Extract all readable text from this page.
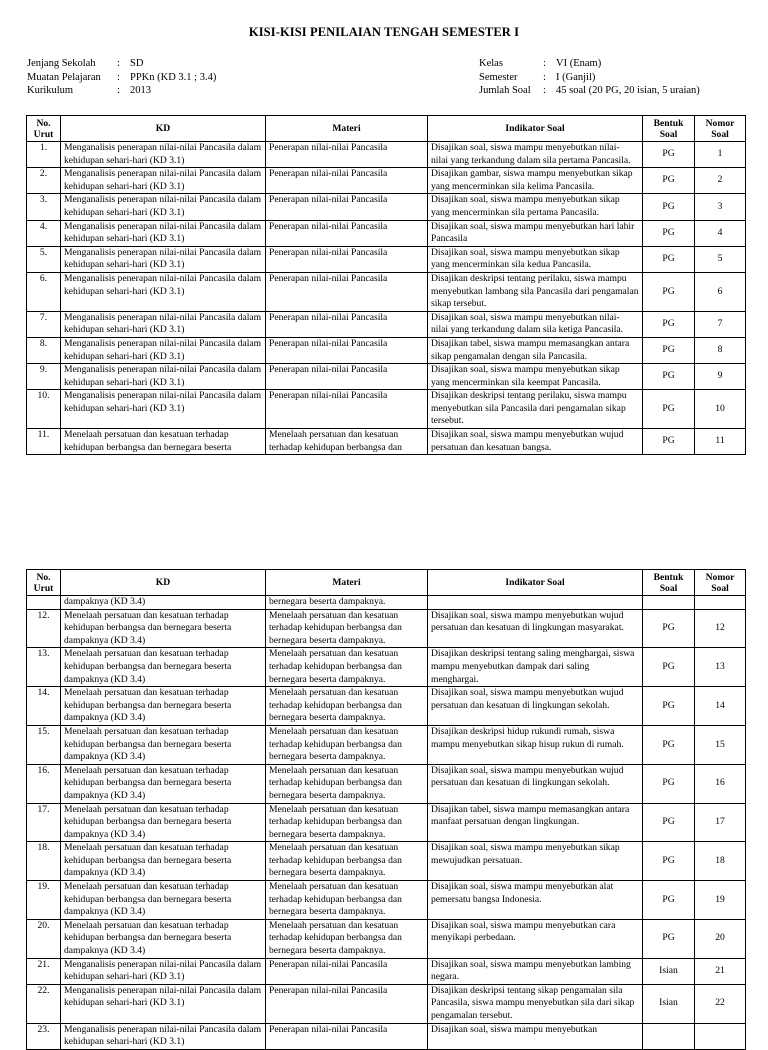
KISI-KISI PENILAIAN TENGAH SEMESTER I
Jenjang Sekolah	: SD
Muatan Pelajaran	: PPKn (KD 3.1 ; 3.4)
Kurikulum	: 2013
Kelas	: VI (Enam)
Semester	: I (Ganjil)
Jumlah Soal	: 45 soal (20 PG, 20 isian, 5 uraian)
No. Urut	KD	Materi	Indikator Soal	Bentuk Soal	Nomor Soal
1.	Menganalisis penerapan nilai-nilai Pancasila dalam kehidupan sehari-hari (KD 3.1)	Penerapan nilai-nilai Pancasila	Disajikan soal, siswa mampu menyebutkan nilai- nilai yang terkandung dalam sila pertama Pancasila.	PG	1
2.	Menganalisis penerapan nilai-nilai Pancasila dalam kehidupan sehari-hari (KD 3.1)	Penerapan nilai-nilai Pancasila	Disajikan gambar, siswa mampu menyebutkan sikap yang mencerminkan sila kelima Pancasila.	PG	2
3.	Menganalisis penerapan nilai-nilai Pancasila dalam kehidupan sehari-hari (KD 3.1)	Penerapan nilai-nilai Pancasila	Disajikan soal, siswa mampu menyebutkan sikap yang mencerminkan sila pertama Pancasila.	PG	3
4.	Menganalisis penerapan nilai-nilai Pancasila dalam kehidupan sehari-hari (KD 3.1)	Penerapan nilai-nilai Pancasila	Disajikan soal, siswa mampu menyebutkan hari lahir Pancasila	PG	4
5.	Menganalisis penerapan nilai-nilai Pancasila dalam kehidupan sehari-hari (KD 3.1)	Penerapan nilai-nilai Pancasila	Disajikan soal, siswa mampu menyebutkan sikap yang mencerminkan sila kedua Pancasila.	PG	5
6.	Menganalisis penerapan nilai-nilai Pancasila dalam kehidupan sehari-hari (KD 3.1)	Penerapan nilai-nilai Pancasila	Disajikan deskripsi tentang perilaku, siswa mampu menyebutkan lambang sila Pancasila dari pengamalan sikap tersebut.	PG	6
7.	Menganalisis penerapan nilai-nilai Pancasila dalam kehidupan sehari-hari (KD 3.1)	Penerapan nilai-nilai Pancasila	Disajikan soal, siswa mampu menyebutkan nilai- nilai yang terkandung dalam sila ketiga Pancasila.	PG	7
8.	Menganalisis penerapan nilai-nilai Pancasila dalam kehidupan sehari-hari (KD 3.1)	Penerapan nilai-nilai Pancasila	Disajikan tabel, siswa mampu memasangkan antara sikap pengamalan dengan sila Pancasila.	PG	8
9.	Menganalisis penerapan nilai-nilai Pancasila dalam kehidupan sehari-hari (KD 3.1)	Penerapan nilai-nilai Pancasila	Disajikan soal, siswa mampu menyebutkan sikap yang mencerminkan sila keempat Pancasila.	PG	9
10.	Menganalisis penerapan nilai-nilai Pancasila dalam kehidupan sehari-hari (KD 3.1)	Penerapan nilai-nilai Pancasila	Disajikan deskripsi tentang perilaku, siswa mampu menyebutkan sila Pancasila dari pengamalan sikap tersebut.	PG	10
11.	Menelaah persatuan dan kesatuan terhadap kehidupan berbangsa dan bernegara beserta	Menelaah persatuan dan kesatuan terhadap kehidupan berbangsa dan	Disajikan soal, siswa mampu menyebutkan wujud persatuan dan kesatuan bangsa.	PG	11
No. Urut	KD	Materi	Indikator Soal	Bentuk Soal	Nomor Soal
	dampaknya (KD 3.4)	bernegara beserta dampaknya.			
12.	Menelaah persatuan dan kesatuan terhadap kehidupan berbangsa dan bernegara beserta dampaknya (KD 3.4)	Menelaah persatuan dan kesatuan terhadap kehidupan berbangsa dan bernegara beserta dampaknya.	Disajikan soal, siswa mampu menyebutkan wujud persatuan dan kesatuan di lingkungan masyarakat.	PG	12
13.	Menelaah persatuan dan kesatuan terhadap kehidupan berbangsa dan bernegara beserta dampaknya (KD 3.4)	Menelaah persatuan dan kesatuan terhadap kehidupan berbangsa dan bernegara beserta dampaknya.	Disajikan deskripsi tentang saling menghargai, siswa mampu menyebutkan dampak dari saling menghargai.	PG	13
14.	Menelaah persatuan dan kesatuan terhadap kehidupan berbangsa dan bernegara beserta dampaknya (KD 3.4)	Menelaah persatuan dan kesatuan terhadap kehidupan berbangsa dan bernegara beserta dampaknya.	Disajikan soal, siswa mampu menyebutkan wujud persatuan dan kesatuan di lingkungan sekolah.	PG	14
15.	Menelaah persatuan dan kesatuan terhadap kehidupan berbangsa dan bernegara beserta dampaknya (KD 3.4)	Menelaah persatuan dan kesatuan terhadap kehidupan berbangsa dan bernegara beserta dampaknya.	Disajikan deskripsi hidup rukundi rumah, siswa mampu menyebutkan sikap hisup rukun di rumah.	PG	15
16.	Menelaah persatuan dan kesatuan terhadap kehidupan berbangsa dan bernegara beserta dampaknya (KD 3.4)	Menelaah persatuan dan kesatuan terhadap kehidupan berbangsa dan bernegara beserta dampaknya.	Disajikan soal, siswa mampu menyebutkan wujud persatuan dan kesatuan di lingkungan sekolah.	PG	16
17.	Menelaah persatuan dan kesatuan terhadap kehidupan berbangsa dan bernegara beserta dampaknya (KD 3.4)	Menelaah persatuan dan kesatuan terhadap kehidupan berbangsa dan bernegara beserta dampaknya.	Disajikan tabel, siswa mampu memasangkan antara manfaat persatuan dengan lingkungan.	PG	17
18.	Menelaah persatuan dan kesatuan terhadap kehidupan berbangsa dan bernegara beserta dampaknya (KD 3.4)	Menelaah persatuan dan kesatuan terhadap kehidupan berbangsa dan bernegara beserta dampaknya.	Disajikan soal, siswa mampu menyebutkan sikap mewujudkan persatuan.	PG	18
19.	Menelaah persatuan dan kesatuan terhadap kehidupan berbangsa dan bernegara beserta dampaknya (KD 3.4)	Menelaah persatuan dan kesatuan terhadap kehidupan berbangsa dan bernegara beserta dampaknya.	Disajikan soal, siswa mampu menyebutkan alat pemersatu bangsa Indonesia.	PG	19
20.	Menelaah persatuan dan kesatuan terhadap kehidupan berbangsa dan bernegara beserta dampaknya (KD 3.4)	Menelaah persatuan dan kesatuan terhadap kehidupan berbangsa dan bernegara beserta dampaknya.	Disajikan soal, siswa mampu menyebutkan cara menyikapi perbedaan.	PG	20
21.	Menganalisis penerapan nilai-nilai Pancasila dalam kehidupan sehari-hari (KD 3.1)	Penerapan nilai-nilai Pancasila	Disajikan soal, siswa mampu menyebutkan lambing negara.	Isian	21
22.	Menganalisis penerapan nilai-nilai Pancasila dalam kehidupan sehari-hari (KD 3.1)	Penerapan nilai-nilai Pancasila	Disajikan deskripsi tentang sikap pengamalan sila Pancasila, siswa mampu menyebutkan sila dari sikap pengamalan tersebut.	Isian	22
23.	Menganalisis penerapan nilai-nilai Pancasila dalam kehidupan sehari-hari (KD 3.1)	Penerapan nilai-nilai Pancasila	Disajikan soal, siswa mampu menyebutkan		
